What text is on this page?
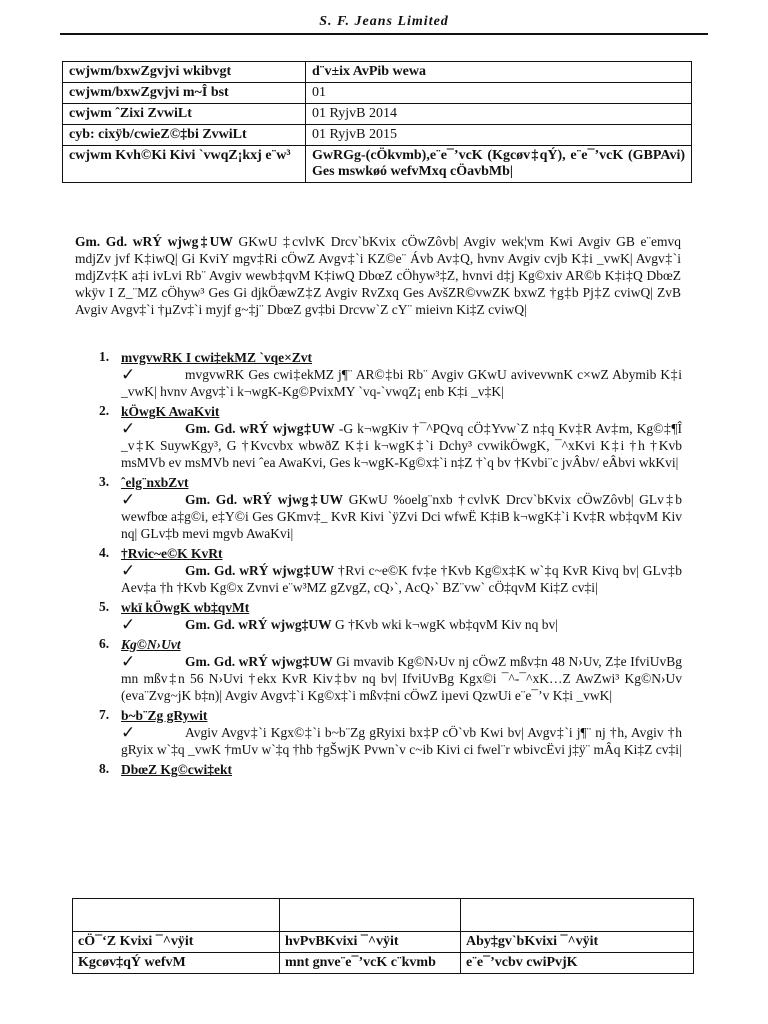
S. F. Jeans Limited
cwjwm/bxwZgvjvi wkibvgt	d¨v±ix AvPib wewa
cwjwm/bxwZgvjvi m~Î bst	01
cwjwm ˆZixi ZvwiLt	01 RyjvB 2014
cyb: cixÿb/cwieZ©‡bi ZvwiLt	01 RyjvB 2015
cwjwm Kvh©Ki Kivi `vwqZ¡kxj e¨w³	GwRGg-(cÖkvmb),e¨e¯’vcK (Kgcøv‡qÝ), e¨e¯’vcK (GBPAvi) Ges mswkøó wefvMxq cÖavbMb|

Gm. Gd. wRÝ wjwg‡UW GKwU ‡cvlvK Drcv`bKvix cÖwZôvb| Avgiv wek¦vm Kwi Avgiv GB e¨emvq mdjZv jvf K‡iwQ| Gi KviY mgv‡Ri cÖwZ Avgv‡`i KZ©e¨ Ávb Av‡Q, hvnv Avgiv cvjb K‡i _vwK| Avgv‡`i mdjZv‡K a‡i ivLvi Rb¨ Avgiv wewb‡qvM K‡iwQ DbœZ cÖhyw³‡Z, hvnvi d‡j Kg©xiv AR©b K‡i‡Q DbœZ wkÿv I Z_¨MZ cÖhyw³ Ges Gi djkÖæwZ‡Z Avgiv RvZxq Ges AvšZR©vwZK bxwZ †g‡b Pj‡Z cviwQ| ZvB Avgiv Avgv‡`i †µZv‡`i myjf g~‡j¨ DbœZ gv‡bi Drcvw`Z cY¨ mieivn Ki‡Z cviwQ|

1. mvgvwRK I cwi‡ekMZ `vqe×Zvt
✓	mvgvwRK Ges cwi‡ekMZ j¶¨ AR©‡bi Rb¨ Avgiv GKwU avivevwnK c×wZ Abymib K‡i _vwK| hvnv Avgv‡`i k¬wgK-Kg©PvixMY `vq-`vwqZ¡ enb K‡i _v‡K|

2. kÖwgK AwaKvit
✓	Gm. Gd. wRÝ wjwg‡UW -G k¬wgKiv †¯^PQvq cÖ‡Yvw`Z n‡q Kv‡R Av‡m, Kg©‡¶Î _v‡K SuywKgy³, G †Kvcvbx wbwðZ K‡i k¬wgK‡`i Dchy³ cvwikÖwgK, ¯^xKvi K‡i †h †Kvb msMVb ev msMVb nevi ˆea AwaKvi, Ges k¬wgK-Kg©x‡`i n‡Z †`q bv †Kvbi¨c jvÂbv/ eÂbvi wkKvi|

3. ˆelg¨nxbZvt
✓	Gm. Gd. wRÝ wjwg‡UW GKwU %oelg¨nxb †cvlvK Drcv`bKvix cÖwZôvb| GLv‡b wewfbœ a‡g©i, e‡Y©i Ges GKmv‡_ KvR Kivi `ÿZvi Dci wfwË K‡iB k¬wgK‡`i Kv‡R wb‡qvM Kiv nq| GLv‡b mevi mgvb AwaKvi|

4. †Rvic~e©K KvRt
✓	Gm. Gd. wRÝ wjwg‡UW †Rvi c~e©K fv‡e †Kvb Kg©x‡K w`‡q KvR Kivq bv| GLv‡b Aev‡a †h †Kvb Kg©x Zvnvi e¨w³MZ gZvgZ, cQ›`, AcQ›` BZ¨vw` cÖ‡qvM Ki‡Z cv‡i|

5. wkï kÖwgK wb‡qvMt
✓	Gm. Gd. wRÝ wjwg‡UW G †Kvb wki k¬wgK wb‡qvM Kiv nq bv|

6. Kg©N›Uvt
✓	Gm. Gd. wRÝ wjwg‡UW Gi mvavib Kg©N›Uv nj cÖwZ mßv‡n 48 N›Uv, Z‡e IfviUvBg mn mßv‡n 56 N›Uvi †ekx KvR Kiv‡bv nq bv| IfviUvBg Kgx©i ¯^-¯^xK…Z AwZwi³ Kg©N›Uv (eva¨Zvg~jK b‡n)| Avgiv Avgv‡`i Kg©x‡`i mßv‡ni cÖwZ iµevi QzwUi e¨e¯’v K‡i _vwK|

7. b~b¨Zg gRywit
✓	Avgiv Avgv‡`i Kgx©‡`i b~b¨Zg gRyixi bx‡P cÖ`vb Kwi bv| Avgv‡`i j¶¨ nj †h, Avgiv †h gRyix w`‡q _vwK †mUv w`‡q †hb †gŠwjK Pvwn`v c~ib Kivi ci fwel¨r wbivcËvi j‡ÿ¨ mÂq Ki‡Z cv‡i|

8. DbœZ Kg©cwi‡ekt

cÖ¯‘Z Kvixi ¯^vÿit	hvPvBKvixi ¯^vÿit	Aby‡gv`bKvixi ¯^vÿit
Kgcøv‡qÝ wefvM	mnt gnve¨e¯’vcK c¨kvmb	e¨e¯’vcbv cwiPvjK
